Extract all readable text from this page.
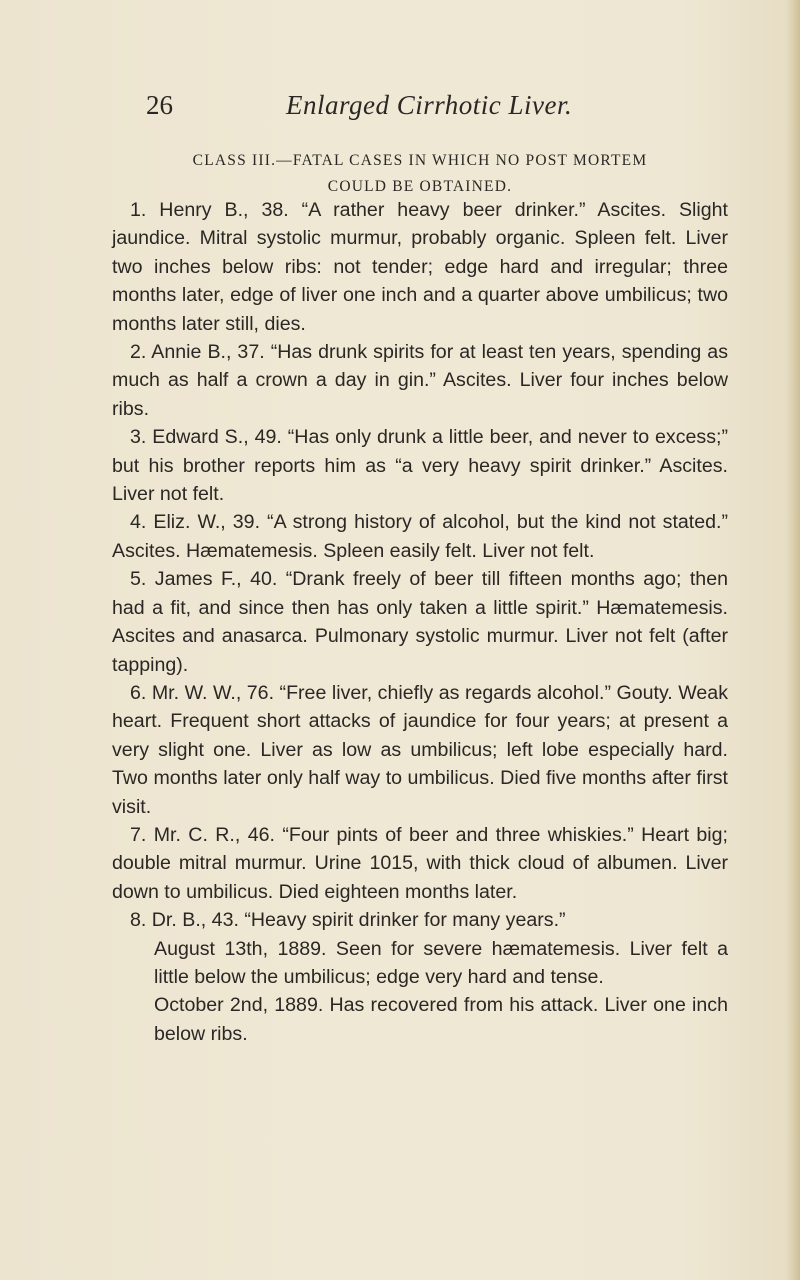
26	Enlarged Cirrhotic Liver.
CLASS III.—FATAL CASES IN WHICH NO POST MORTEM
COULD BE OBTAINED.

1. Henry B., 38. “A rather heavy beer drinker.” Ascites. Slight jaundice. Mitral systolic murmur, probably organic. Spleen felt. Liver two inches below ribs: not tender; edge hard and irregular; three months later, edge of liver one inch and a quarter above umbilicus; two months later still, dies.

2. Annie B., 37. “Has drunk spirits for at least ten years, spending as much as half a crown a day in gin.” Ascites. Liver four inches below ribs.

3. Edward S., 49. “Has only drunk a little beer, and never to excess;” but his brother reports him as “a very heavy spirit drinker.” Ascites. Liver not felt.

4. Eliz. W., 39. “A strong history of alcohol, but the kind not stated.” Ascites. Hæmatemesis. Spleen easily felt. Liver not felt.

5. James F., 40. “Drank freely of beer till fifteen months ago; then had a fit, and since then has only taken a little spirit.” Hæmatemesis. Ascites and anasarca. Pulmonary systolic murmur. Liver not felt (after tapping).

6. Mr. W. W., 76. “Free liver, chiefly as regards alcohol.” Gouty. Weak heart. Frequent short attacks of jaundice for four years; at present a very slight one. Liver as low as umbilicus; left lobe especially hard. Two months later only half way to umbilicus. Died five months after first visit.

7. Mr. C. R., 46. “Four pints of beer and three whiskies.” Heart big; double mitral murmur. Urine 1015, with thick cloud of albumen. Liver down to umbilicus. Died eighteen months later.

8. Dr. B., 43. “Heavy spirit drinker for many years.”

August 13th, 1889. Seen for severe hæmatemesis. Liver felt a little below the umbilicus; edge very hard and tense.

October 2nd, 1889. Has recovered from his attack. Liver one inch below ribs.
